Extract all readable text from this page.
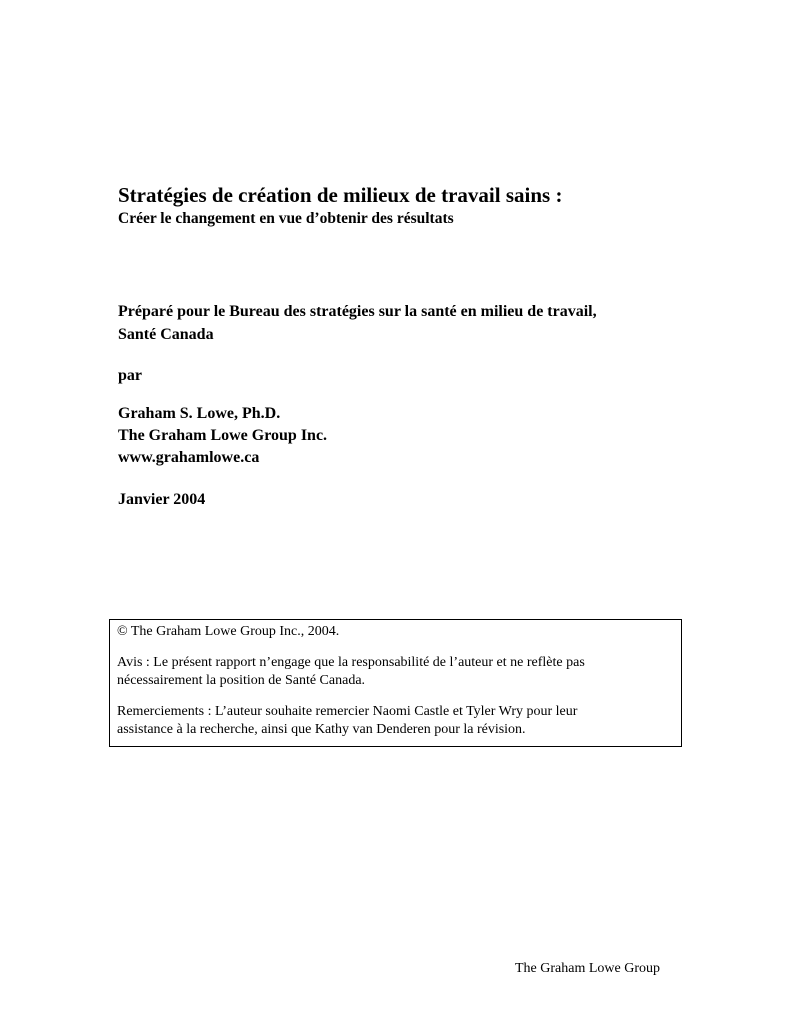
Stratégies de création de milieux de travail sains :
Créer le changement en vue d’obtenir des résultats
Préparé pour le Bureau des stratégies sur la santé en milieu de travail,
Santé Canada
par
Graham S. Lowe, Ph.D.
The Graham Lowe Group Inc.
www.grahamlowe.ca
Janvier 2004

© The Graham Lowe Group Inc., 2004.

Avis : Le présent rapport n’engage que la responsabilité de l’auteur et ne reflète pas
nécessairement la position de Santé Canada.

Remerciements : L’auteur souhaite remercier Naomi Castle et Tyler Wry pour leur
assistance à la recherche, ainsi que Kathy van Denderen pour la révision.

The Graham Lowe Group
